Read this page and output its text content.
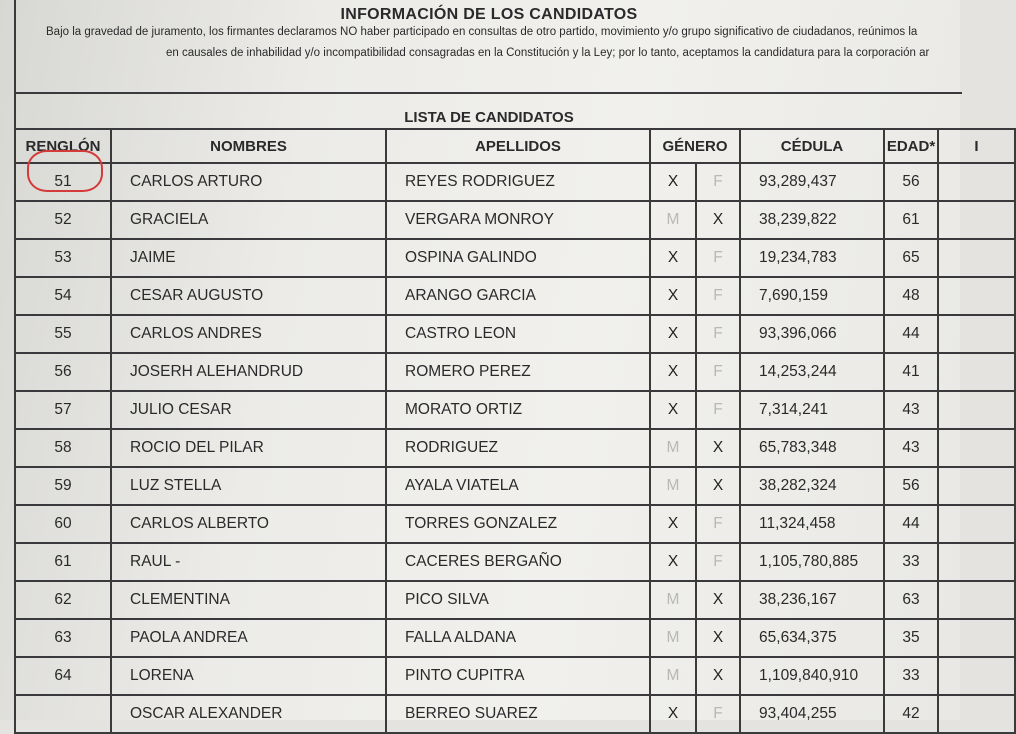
INFORMACIÓN DE LOS CANDIDATOS
Bajo la gravedad de juramento, los firmantes declaramos NO haber participado en consultas de otro partido, movimiento y/o grupo significativo de ciudadanos, reúnimos la
en causales de inhabilidad y/o incompatibilidad consagradas en la Constitución y la Ley; por lo tanto, aceptamos la candidatura para la corporación ar
LISTA DE CANDIDATOS
RENGLÓN	NOMBRES	APELLIDOS	GÉNERO		CÉDULA	EDAD*	I
51	CARLOS ARTURO	REYES RODRIGUEZ	X	F	93,289,437	56	
52	GRACIELA	VERGARA MONROY	M	X	38,239,822	61	
53	JAIME	OSPINA GALINDO	X	F	19,234,783	65	
54	CESAR AUGUSTO	ARANGO GARCIA	X	F	7,690,159	48	
55	CARLOS ANDRES	CASTRO LEON	X	F	93,396,066	44	
56	JOSERH ALEHANDRUD	ROMERO PEREZ	X	F	14,253,244	41	
57	JULIO CESAR	MORATO ORTIZ	X	F	7,314,241	43	
58	ROCIO DEL PILAR	RODRIGUEZ	M	X	65,783,348	43	
59	LUZ STELLA	AYALA VIATELA	M	X	38,282,324	56	
60	CARLOS ALBERTO	TORRES GONZALEZ	X	F	11,324,458	44	
61	RAUL -	CACERES BERGAÑO	X	F	1,105,780,885	33	
62	CLEMENTINA	PICO SILVA	M	X	38,236,167	63	
63	PAOLA ANDREA	FALLA ALDANA	M	X	65,634,375	35	
64	LORENA	PINTO CUPITRA	M	X	1,109,840,910	33	
	OSCAR ALEXANDER	BERREO SUAREZ	X	F	93,404,255	42	
